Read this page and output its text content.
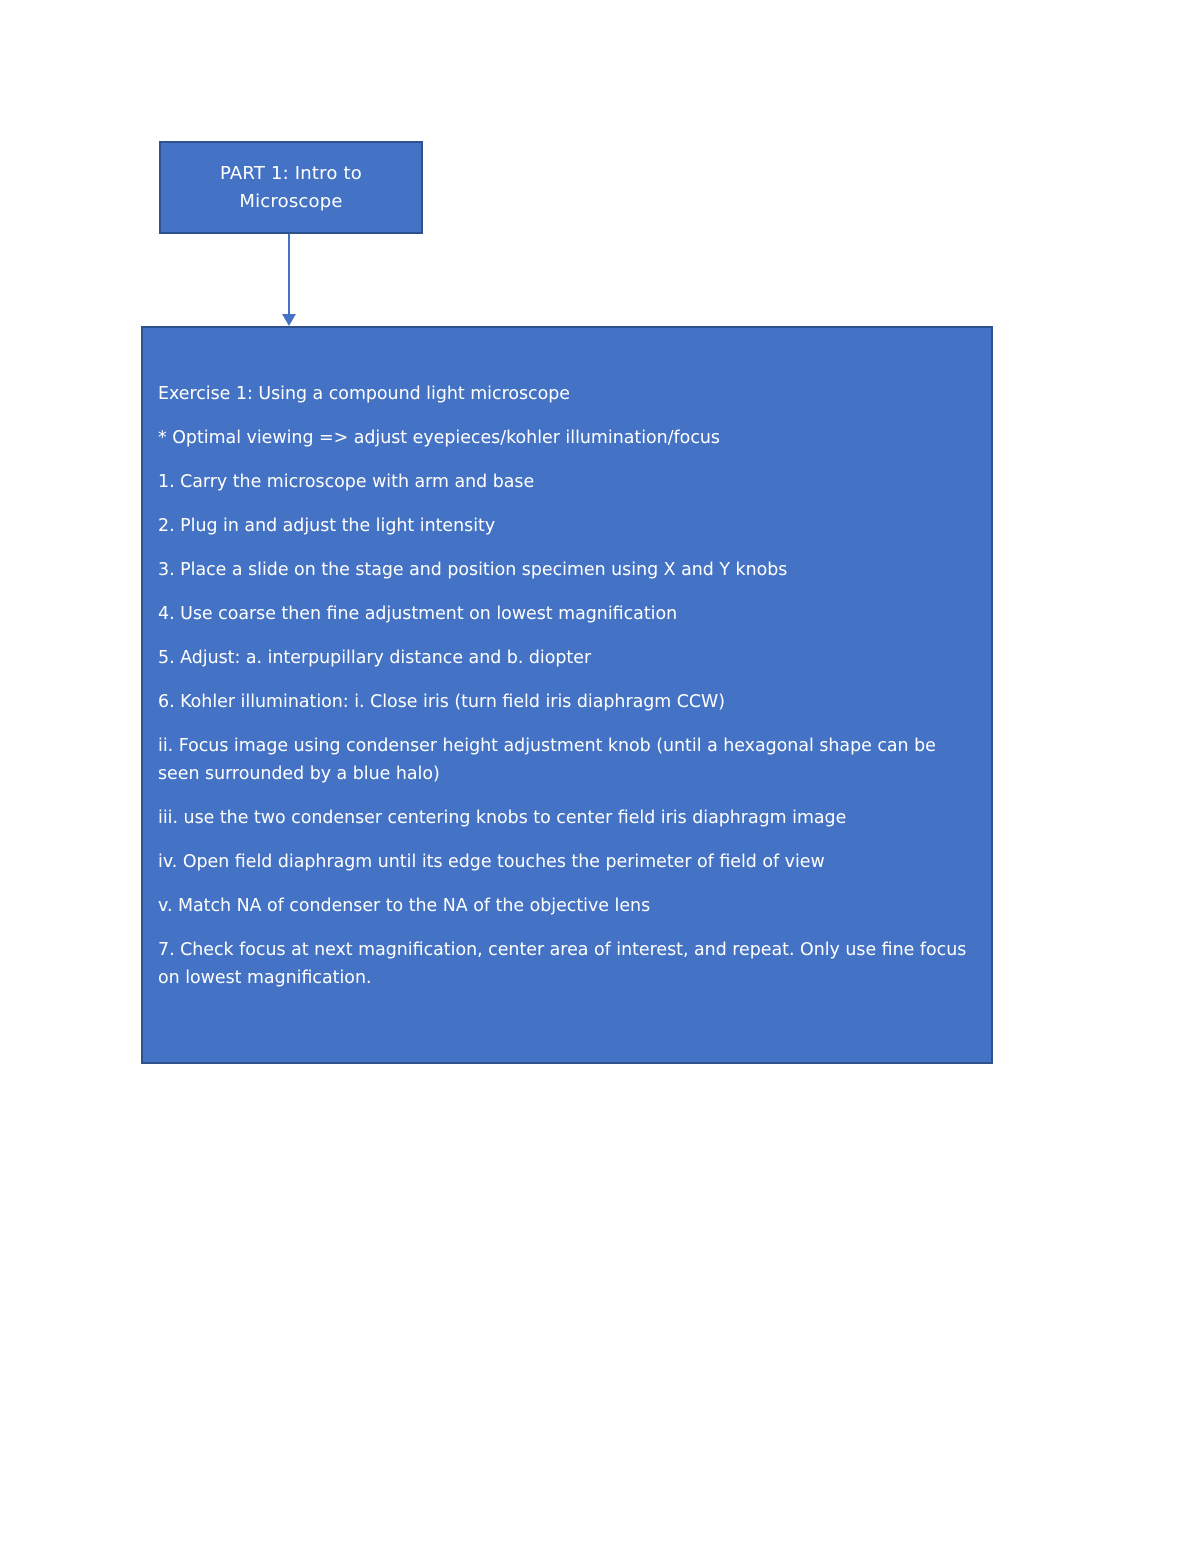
PART 1: Intro to Microscope

Exercise 1: Using a compound light microscope

* Optimal viewing => adjust eyepieces/kohler illumination/focus

1. Carry the microscope with arm and base

2. Plug in and adjust the light intensity

3. Place a slide on the stage and position specimen using X and Y knobs

4. Use coarse then fine adjustment on lowest magnification

5. Adjust: a. interpupillary distance and b. diopter

6. Kohler illumination: i. Close iris (turn field iris diaphragm CCW)

ii. Focus image using condenser height adjustment knob (until a hexagonal shape can be seen surrounded by a blue halo)

iii. use the two condenser centering knobs to center field iris diaphragm image

iv. Open field diaphragm until its edge touches the perimeter of field of view

v. Match NA of condenser to the NA of the objective lens

7. Check focus at next magnification, center area of interest, and repeat. Only use fine focus on lowest magnification.
